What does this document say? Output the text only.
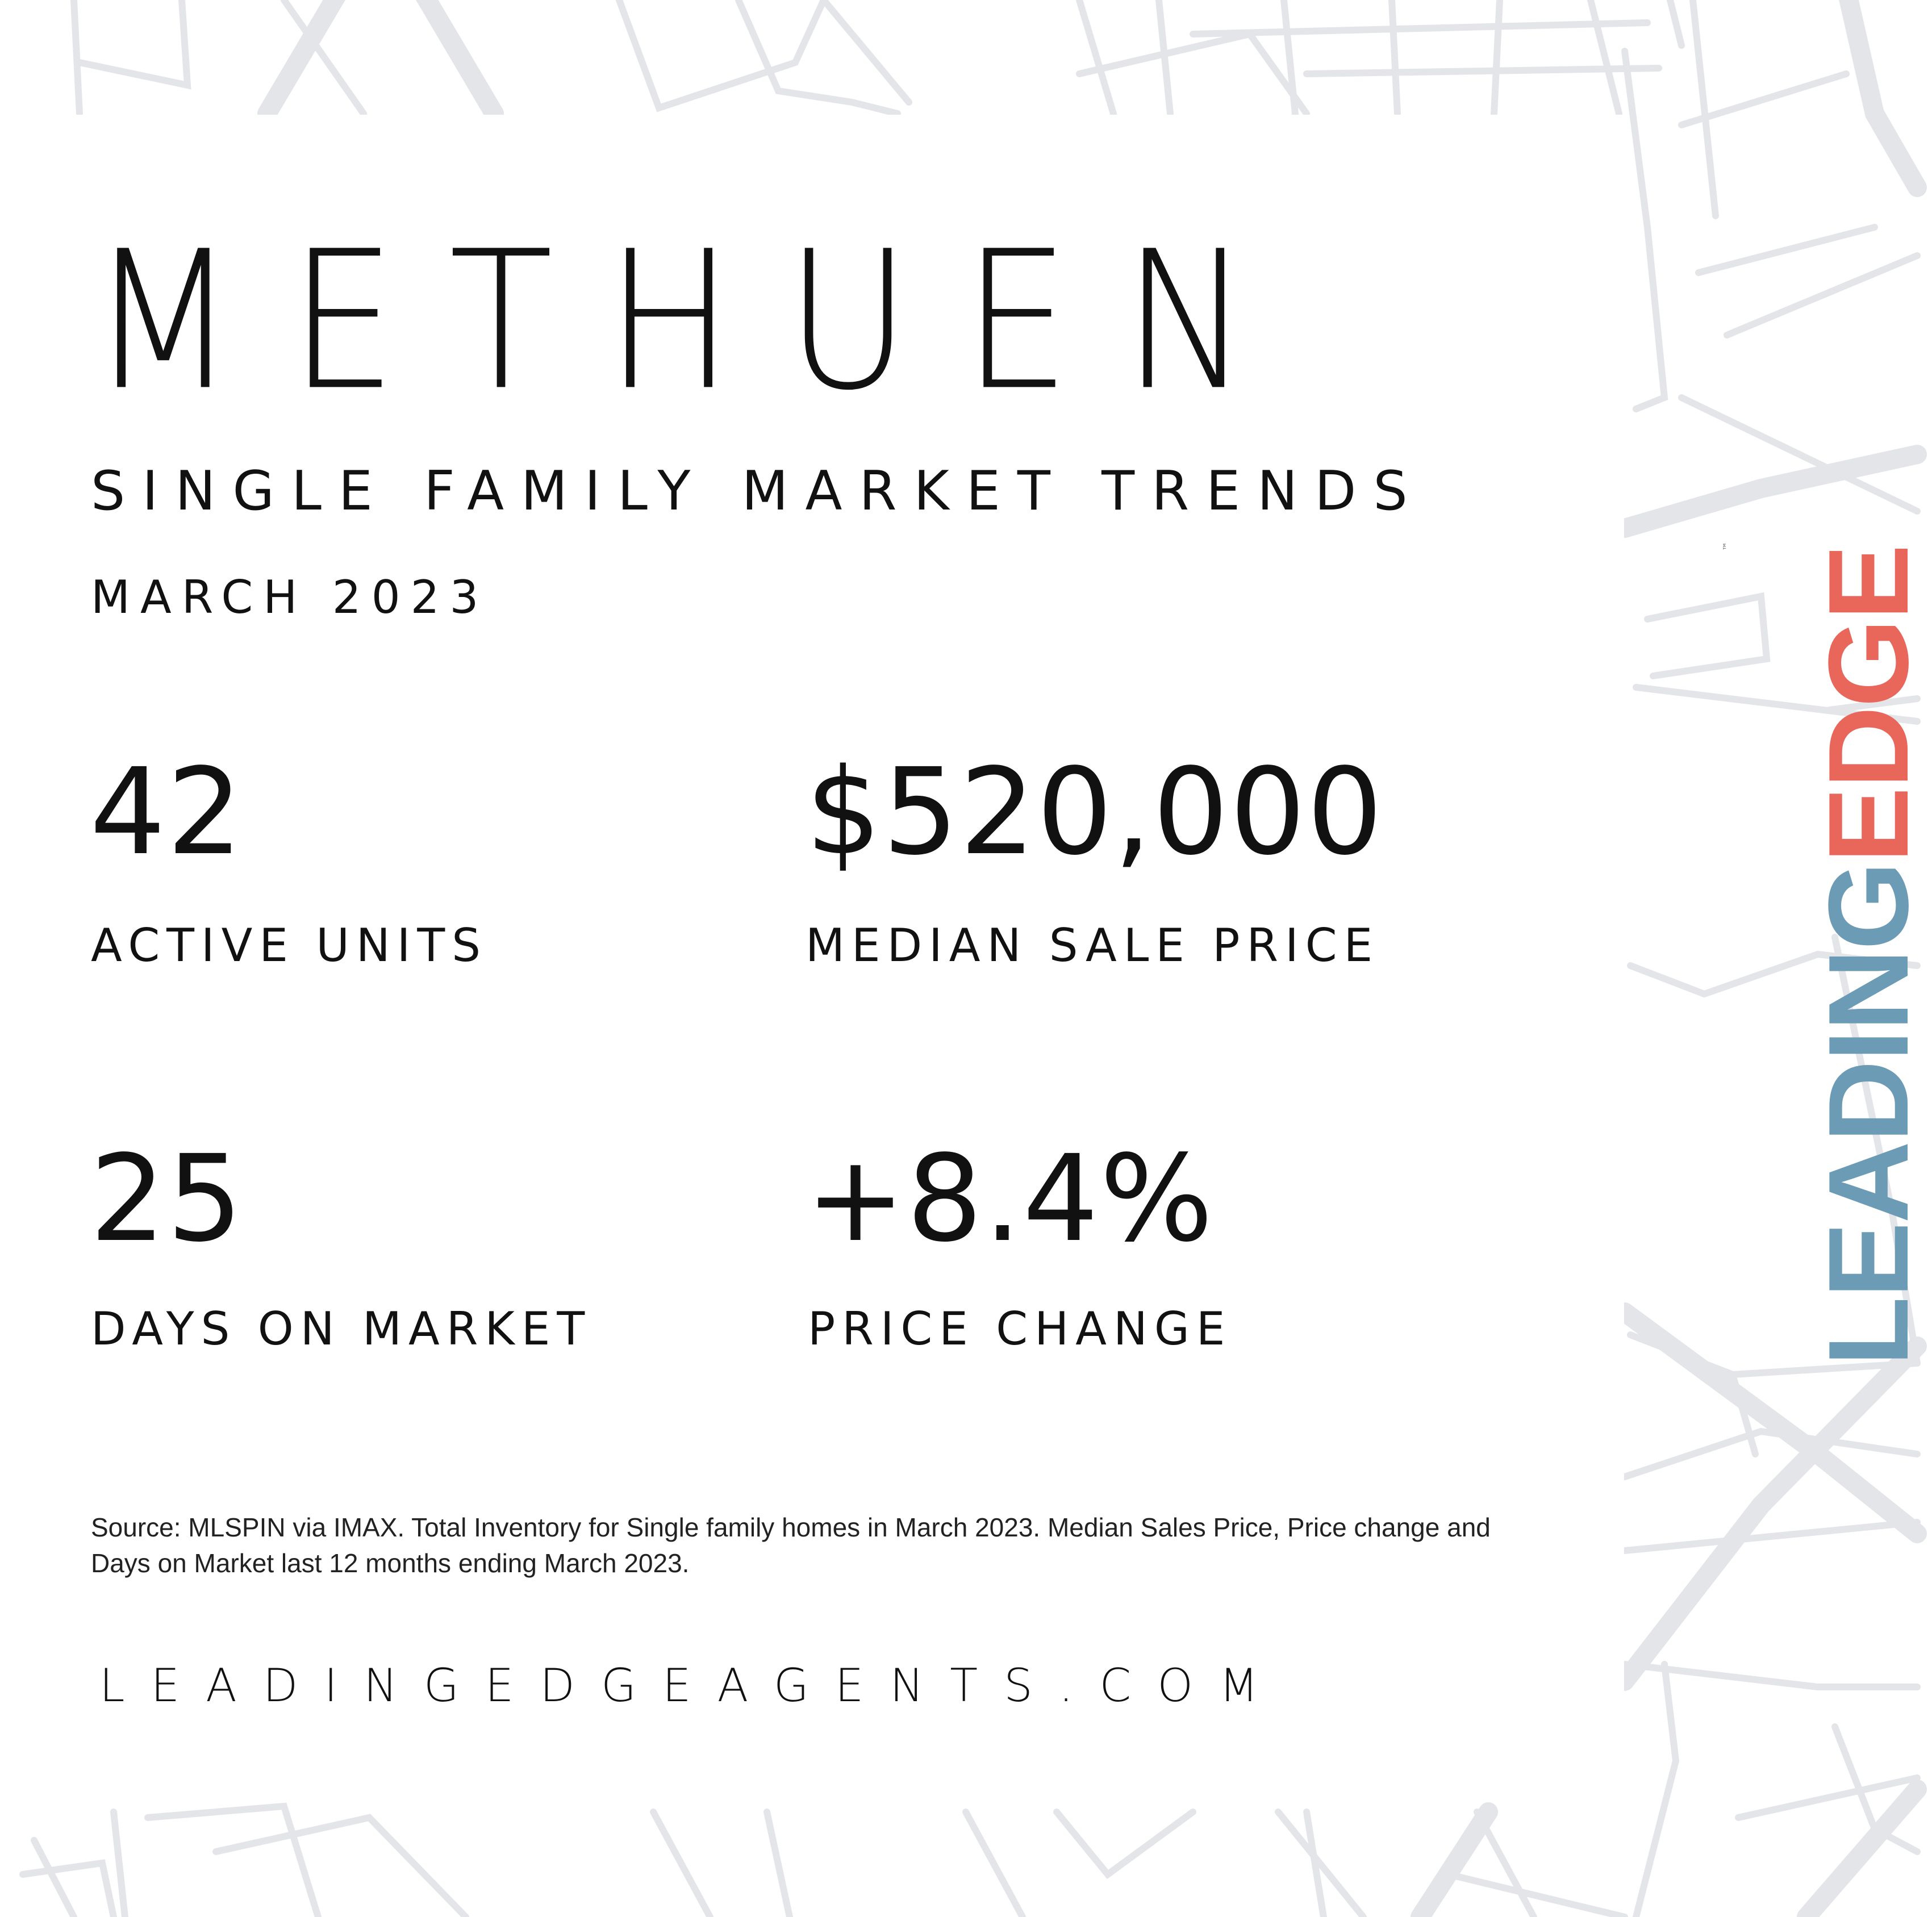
METHUEN
SINGLE FAMILY MARKET TRENDS
MARCH 2023
42
ACTIVE UNITS
$520,000
MEDIAN SALE PRICE
25
DAYS ON MARKET
+8.4%
PRICE CHANGE
Source: MLSPIN via IMAX. Total Inventory for Single family homes in March 2023. Median Sales Price, Price change and Days on Market last 12 months ending March 2023.
LEADINGEDGEAGENTS.COM
LEADINGEDGE
™
